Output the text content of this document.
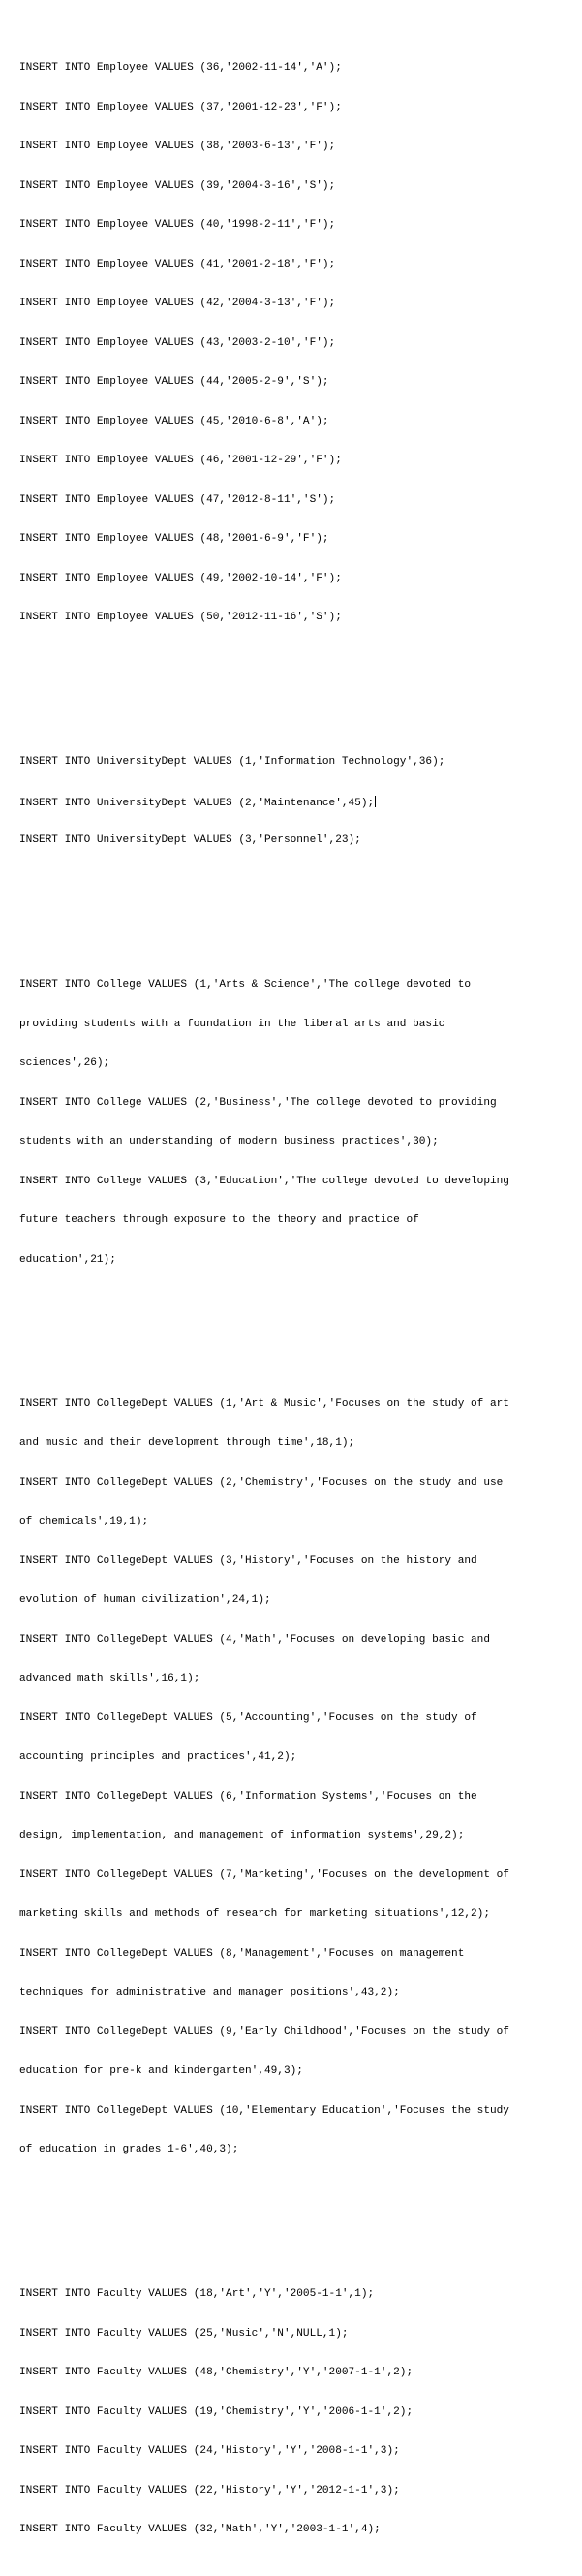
INSERT INTO Employee VALUES (36,'2002-11-14','A');

INSERT INTO Employee VALUES (37,'2001-12-23','F');

INSERT INTO Employee VALUES (38,'2003-6-13','F');

INSERT INTO Employee VALUES (39,'2004-3-16','S');

INSERT INTO Employee VALUES (40,'1998-2-11','F');

INSERT INTO Employee VALUES (41,'2001-2-18','F');

INSERT INTO Employee VALUES (42,'2004-3-13','F');

INSERT INTO Employee VALUES (43,'2003-2-10','F');

INSERT INTO Employee VALUES (44,'2005-2-9','S');

INSERT INTO Employee VALUES (45,'2010-6-8','A');

INSERT INTO Employee VALUES (46,'2001-12-29','F');

INSERT INTO Employee VALUES (47,'2012-8-11','S');

INSERT INTO Employee VALUES (48,'2001-6-9','F');

INSERT INTO Employee VALUES (49,'2002-10-14','F');

INSERT INTO Employee VALUES (50,'2012-11-16','S');

INSERT INTO UniversityDept VALUES (1,'Information Technology',36);

INSERT INTO UniversityDept VALUES (2,'Maintenance',45);

INSERT INTO UniversityDept VALUES (3,'Personnel',23);

INSERT INTO College VALUES (1,'Arts & Science','The college devoted to

providing students with a foundation in the liberal arts and basic

sciences',26);

INSERT INTO College VALUES (2,'Business','The college devoted to providing

students with an understanding of modern business practices',30);

INSERT INTO College VALUES (3,'Education','The college devoted to developing

future teachers through exposure to the theory and practice of

education',21);

INSERT INTO CollegeDept VALUES (1,'Art & Music','Focuses on the study of art

and music and their development through time',18,1);

INSERT INTO CollegeDept VALUES (2,'Chemistry','Focuses on the study and use

of chemicals',19,1);

INSERT INTO CollegeDept VALUES (3,'History','Focuses on the history and

evolution of human civilization',24,1);

INSERT INTO CollegeDept VALUES (4,'Math','Focuses on developing basic and

advanced math skills',16,1);

INSERT INTO CollegeDept VALUES (5,'Accounting','Focuses on the study of

accounting principles and practices',41,2);

INSERT INTO CollegeDept VALUES (6,'Information Systems','Focuses on the

design, implementation, and management of information systems',29,2);

INSERT INTO CollegeDept VALUES (7,'Marketing','Focuses on the development of

marketing skills and methods of research for marketing situations',12,2);

INSERT INTO CollegeDept VALUES (8,'Management','Focuses on management

techniques for administrative and manager positions',43,2);

INSERT INTO CollegeDept VALUES (9,'Early Childhood','Focuses on the study of

education for pre-k and kindergarten',49,3);

INSERT INTO CollegeDept VALUES (10,'Elementary Education','Focuses the study

of education in grades 1-6',40,3);

INSERT INTO Faculty VALUES (18,'Art','Y','2005-1-1',1);

INSERT INTO Faculty VALUES (25,'Music','N',NULL,1);

INSERT INTO Faculty VALUES (48,'Chemistry','Y','2007-1-1',2);

INSERT INTO Faculty VALUES (19,'Chemistry','Y','2006-1-1',2);

INSERT INTO Faculty VALUES (24,'History','Y','2008-1-1',3);

INSERT INTO Faculty VALUES (22,'History','Y','2012-1-1',3);

INSERT INTO Faculty VALUES (32,'Math','Y','2003-1-1',4);
